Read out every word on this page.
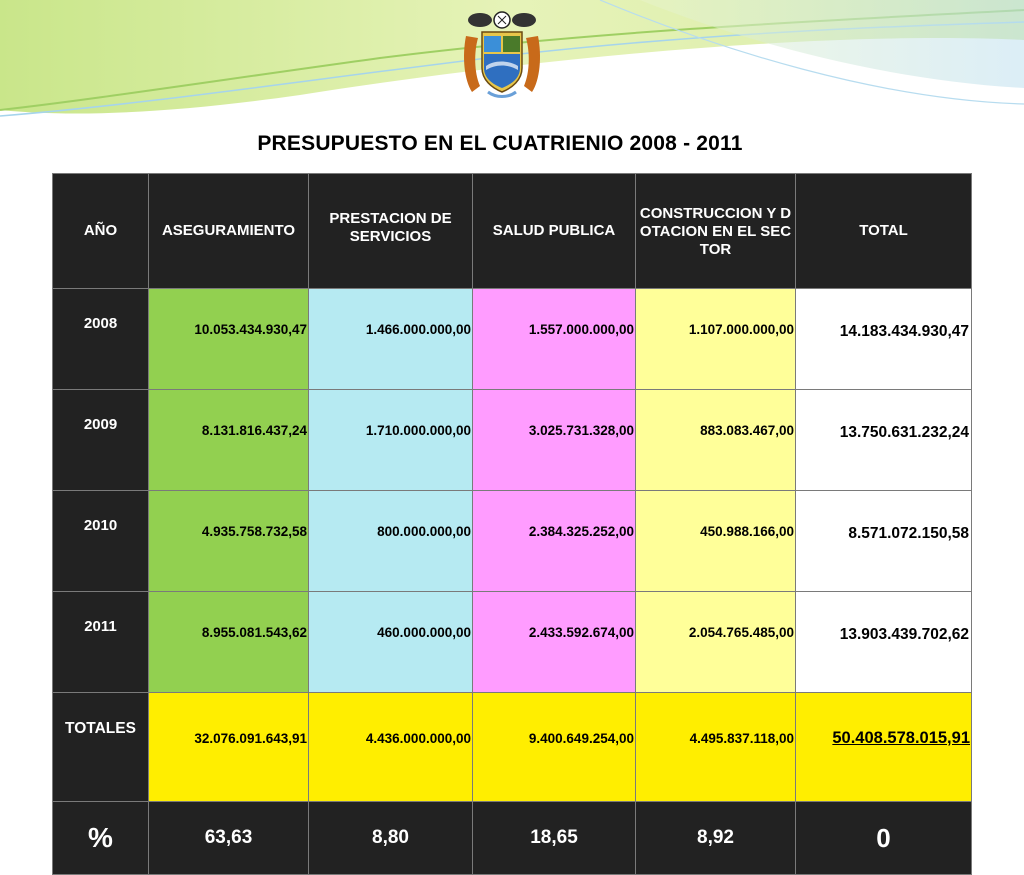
PRESUPUESTO EN EL CUATRIENIO 2008 - 2011
AÑO	ASEGURAMIENTO	PRESTACION DE SERVICIOS	SALUD PUBLICA	CONSTRUCCION Y DOTACION EN EL SECTOR	TOTAL
2008	10.053.434.930,47	1.466.000.000,00	1.557.000.000,00	1.107.000.000,00	14.183.434.930,47
2009	8.131.816.437,24	1.710.000.000,00	3.025.731.328,00	883.083.467,00	13.750.631.232,24
2010	4.935.758.732,58	800.000.000,00	2.384.325.252,00	450.988.166,00	8.571.072.150,58
2011	8.955.081.543,62	460.000.000,00	2.433.592.674,00	2.054.765.485,00	13.903.439.702,62
TOTALES	32.076.091.643,91	4.436.000.000,00	9.400.649.254,00	4.495.837.118,00	50.408.578.015,91
%	63,63	8,80	18,65	8,92	0
